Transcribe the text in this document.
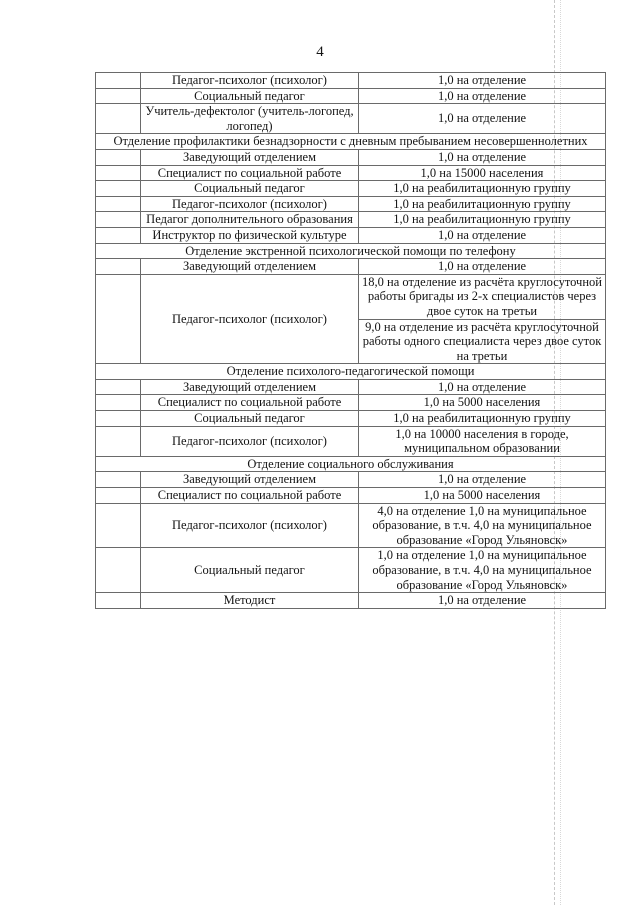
4
	Педагог-психолог (психолог)	1,0 на отделение
	Социальный педагог	1,0 на отделение
	Учитель-дефектолог (учитель-логопед, логопед)	1,0 на отделение
Отделение профилактики безнадзорности с дневным пребыванием несовершеннолетних		
	Заведующий отделением	1,0 на отделение
	Специалист по социальной работе	1,0 на 15000 населения
	Социальный педагог	1,0 на реабилитационную группу
	Педагог-психолог (психолог)	1,0 на реабилитационную группу
	Педагог дополнительного образования	1,0 на реабилитационную группу
	Инструктор по физической культуре	1,0 на отделение
Отделение экстренной психологической помощи по телефону		
	Заведующий отделением	1,0 на отделение
	Педагог-психолог (психолог)	18,0 на отделение из расчёта круглосуточной работы бригады из 2-х специалистов через двое суток на третьи
		9,0 на отделение из расчёта круглосуточной работы одного специалиста через двое суток на третьи
Отделение психолого-педагогической помощи		
	Заведующий отделением	1,0 на отделение
	Специалист по социальной работе	1,0 на 5000 населения
	Социальный педагог	1,0 на реабилитационную группу
	Педагог-психолог (психолог)	1,0 на 10000 населения в городе, муниципальном образовании
Отделение социального обслуживания		
	Заведующий отделением	1,0 на отделение
	Специалист по социальной работе	1,0 на 5000 населения
	Педагог-психолог (психолог)	4,0 на отделение 1,0 на муниципальное образование, в т.ч. 4,0 на муниципальное образование «Город Ульяновск»
	Социальный педагог	1,0 на отделение 1,0 на муниципальное образование, в т.ч. 4,0 на муниципальное образование «Город Ульяновск»
	Методист	1,0 на отделение
